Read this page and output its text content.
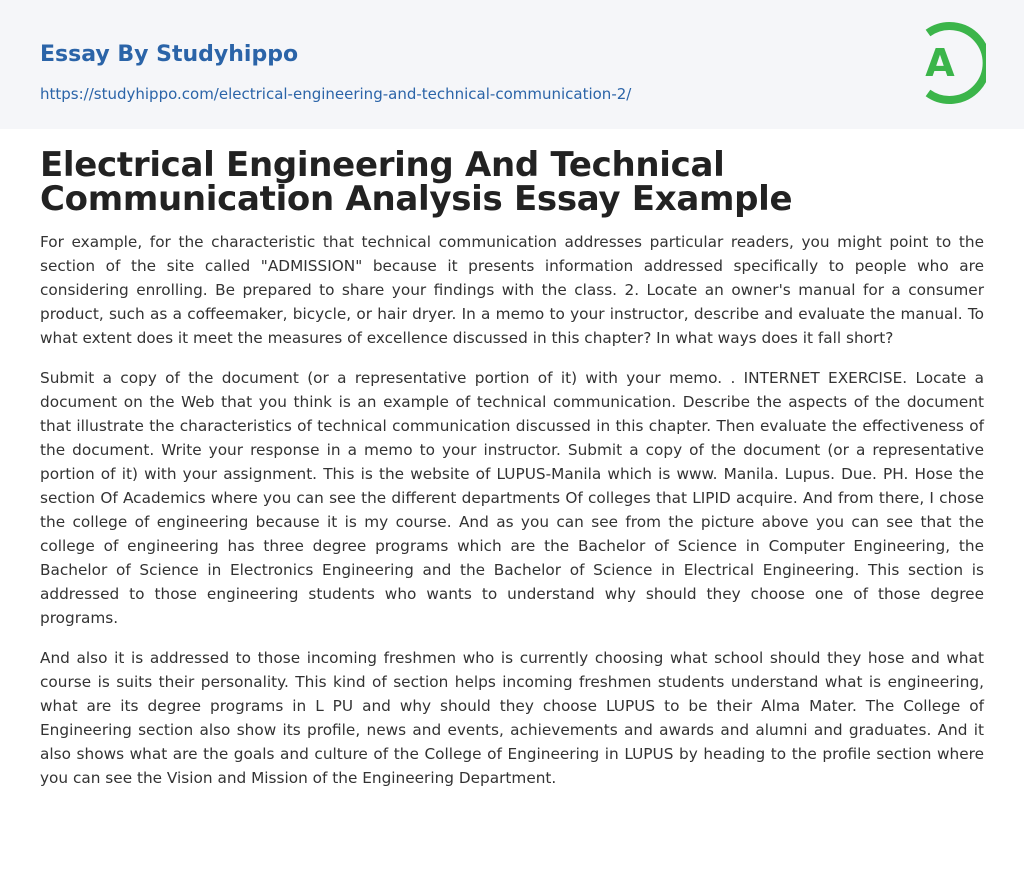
Essay By Studyhippo
https://studyhippo.com/electrical-engineering-and-technical-communication-2/
A
Electrical Engineering And Technical Communication Analysis Essay Example

For example, for the characteristic that technical communication addresses particular readers, you might point to the section of the site called "ADMISSION" because it presents information addressed specifically to people who are considering enrolling. Be prepared to share your findings with the class. 2. Locate an owner's manual for a consumer product, such as a coffeemaker, bicycle, or hair dryer. In a memo to your instructor, describe and evaluate the manual. To what extent does it meet the measures of excellence discussed in this chapter? In what ways does it fall short?

Submit a copy of the document (or a representative portion of it) with your memo. . INTERNET EXERCISE. Locate a document on the Web that you think is an example of technical communication. Describe the aspects of the document that illustrate the characteristics of technical communication discussed in this chapter. Then evaluate the effectiveness of the document. Write your response in a memo to your instructor. Submit a copy of the document (or a representative portion of it) with your assignment. This is the website of LUPUS-Manila which is www. Manila. Lupus. Due. PH. Hose the section Of Academics where you can see the different departments Of colleges that LIPID acquire. And from there, I chose the college of engineering because it is my course. And as you can see from the picture above you can see that the college of engineering has three degree programs which are the Bachelor of Science in Computer Engineering, the Bachelor of Science in Electronics Engineering and the Bachelor of Science in Electrical Engineering. This section is addressed to those engineering students who wants to understand why should they choose one of those degree programs.

And also it is addressed to those incoming freshmen who is currently choosing what school should they hose and what course is suits their personality. This kind of section helps incoming freshmen students understand what is engineering, what are its degree programs in L PU and why should they choose LUPUS to be their Alma Mater. The College of Engineering section also show its profile, news and events, achievements and awards and alumni and graduates. And it also shows what are the goals and culture of the College of Engineering in LUPUS by heading to the profile section where you can see the Vision and Mission of the Engineering Department.
